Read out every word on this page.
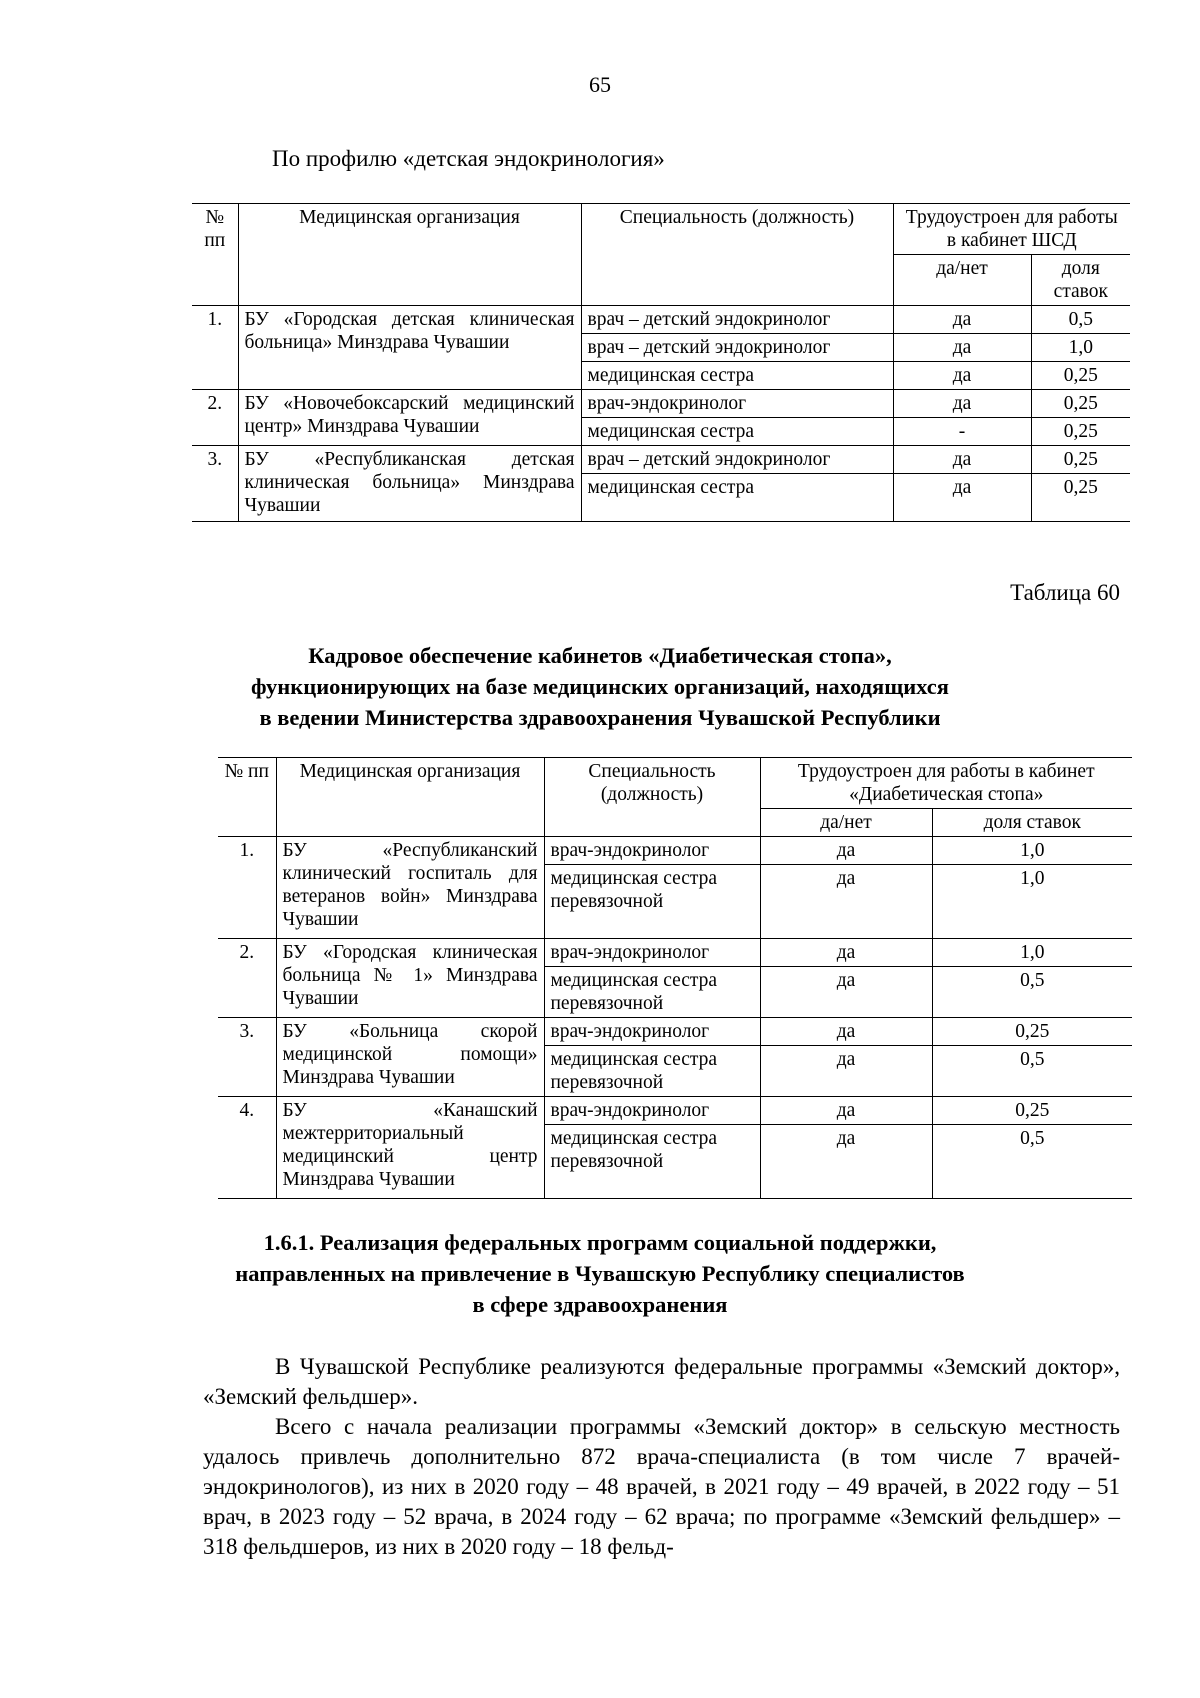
65
По профилю «детская эндокринология»
№ пп	Медицинская организация	Специальность (должность)	Трудоустроен для работы в кабинет ШСД	
			да/нет	доля ставок
1.	БУ «Городская детская клиническая больница» Минздрава Чувашии	врач – детский эндокринолог	да	0,5
		врач – детский эндокринолог	да	1,0
		медицинская сестра	да	0,25
2.	БУ «Новочебоксарский медицинский центр» Минздрава Чувашии	врач-эндокринолог	да	0,25
		медицинская сестра	-	0,25
3.	БУ «Республиканская детская клиническая больница» Минздрава Чувашии	врач – детский эндокринолог	да	0,25
		медицинская сестра	да	0,25
Таблица 60
Кадровое обеспечение кабинетов «Диабетическая стопа»,
функционирующих на базе медицинских организаций, находящихся
в ведении Министерства здравоохранения Чувашской Республики
№ пп	Медицинская организация	Специальность (должность)	Трудоустроен для работы в кабинет «Диабетическая стопа»	
			да/нет	доля ставок
1.	БУ «Республиканский клинический госпиталь для ветеранов войн» Минздрава Чувашии	врач-эндокринолог	да	1,0
		медицинская сестра перевязочной	да	1,0
2.	БУ «Городская клиническая больница № 1» Минздрава Чувашии	врач-эндокринолог	да	1,0
		медицинская сестра перевязочной	да	0,5
3.	БУ «Больница скорой медицинской помощи» Минздрава Чувашии	врач-эндокринолог	да	0,25
		медицинская сестра перевязочной	да	0,5
4.	БУ «Канашский межтерриториальный медицинский центр Минздрава Чувашии	врач-эндокринолог	да	0,25
		медицинская сестра перевязочной	да	0,5
1.6.1. Реализация федеральных программ социальной поддержки,
направленных на привлечение в Чувашскую Республику специалистов
в сфере здравоохранения

В Чувашской Республике реализуются федеральные программы «Земский доктор», «Земский фельдшер».

Всего с начала реализации программы «Земский доктор» в сельскую местность удалось привлечь дополнительно 872 врача-специалиста (в том числе 7 врачей-эндокринологов), из них в 2020 году – 48 врачей, в 2021 году – 49 врачей, в 2022 году – 51 врач, в 2023 году – 52 врача, в 2024 году – 62 врача; по программе «Земский фельдшер» – 318 фельдшеров, из них в 2020 году – 18 фельд-
